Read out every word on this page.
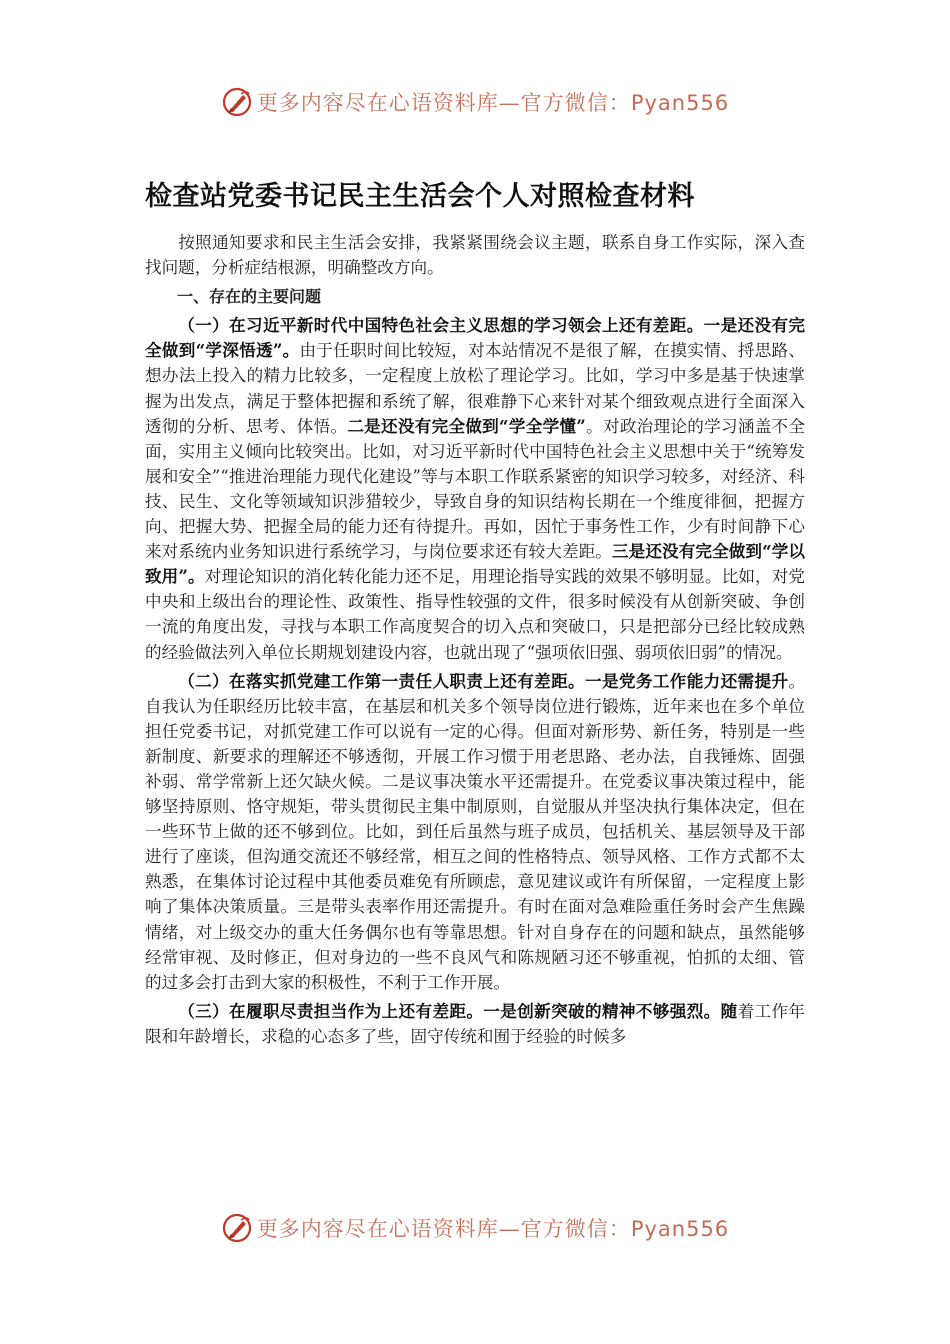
更多内容尽在心语资料库—官方微信：Pyan556
检查站党委书记民主生活会个人对照检查材料

按照通知要求和民主生活会安排，我紧紧围绕会议主题，联系自身工作实际，深入查找问题，分析症结根源，明确整改方向。

一、存在的主要问题

（一）在习近平新时代中国特色社会主义思想的学习领会上还有差距。一是还没有完全做到“学深悟透”。由于任职时间比较短，对本站情况不是很了解，在摸实情、捋思路、想办法上投入的精力比较多，一定程度上放松了理论学习。比如，学习中多是基于快速掌握为出发点，满足于整体把握和系统了解，很难静下心来针对某个细致观点进行全面深入透彻的分析、思考、体悟。二是还没有完全做到“学全学懂”。对政治理论的学习涵盖不全面，实用主义倾向比较突出。比如，对习近平新时代中国特色社会主义思想中关于“统筹发展和安全”“推进治理能力现代化建设”等与本职工作联系紧密的知识学习较多，对经济、科技、民生、文化等领域知识涉猎较少，导致自身的知识结构长期在一个维度徘徊，把握方向、把握大势、把握全局的能力还有待提升。再如，因忙于事务性工作，少有时间静下心来对系统内业务知识进行系统学习，与岗位要求还有较大差距。三是还没有完全做到“学以致用”。对理论知识的消化转化能力还不足，用理论指导实践的效果不够明显。比如，对党中央和上级出台的理论性、政策性、指导性较强的文件，很多时候没有从创新突破、争创一流的角度出发，寻找与本职工作高度契合的切入点和突破口，只是把部分已经比较成熟的经验做法列入单位长期规划建设内容，也就出现了“强项依旧强、弱项依旧弱”的情况。

（二）在落实抓党建工作第一责任人职责上还有差距。一是党务工作能力还需提升。自我认为任职经历比较丰富，在基层和机关多个领导岗位进行锻炼，近年来也在多个单位担任党委书记，对抓党建工作可以说有一定的心得。但面对新形势、新任务，特别是一些新制度、新要求的理解还不够透彻，开展工作习惯于用老思路、老办法，自我锤炼、固强补弱、常学常新上还欠缺火候。二是议事决策水平还需提升。在党委议事决策过程中，能够坚持原则、恪守规矩，带头贯彻民主集中制原则，自觉服从并坚决执行集体决定，但在一些环节上做的还不够到位。比如，到任后虽然与班子成员，包括机关、基层领导及干部进行了座谈，但沟通交流还不够经常，相互之间的性格特点、领导风格、工作方式都不太熟悉，在集体讨论过程中其他委员难免有所顾虑，意见建议或许有所保留，一定程度上影响了集体决策质量。三是带头表率作用还需提升。有时在面对急难险重任务时会产生焦躁情绪，对上级交办的重大任务偶尔也有等靠思想。针对自身存在的问题和缺点，虽然能够经常审视、及时修正，但对身边的一些不良风气和陈规陋习还不够重视，怕抓的太细、管的过多会打击到大家的积极性，不利于工作开展。

（三）在履职尽责担当作为上还有差距。一是创新突破的精神不够强烈。随着工作年限和年龄增长，求稳的心态多了些，固守传统和囿于经验的时候多

更多内容尽在心语资料库—官方微信：Pyan556
